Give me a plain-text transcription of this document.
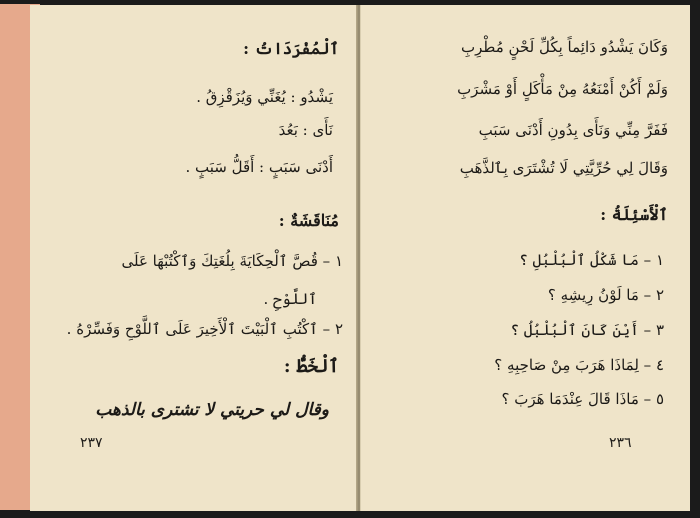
ٱلْمُفْرَدَاتُ :
يَشْدُو : يُغَنِّي وَيُزَقْزِقُ .
نَأَى : بَعُدَ
أَدْنَى سَبَبٍ : أَقَلُّ سَبَبٍ .
مُنَاقَشَةٌ :
١ – قُصَّ ٱلْحِكَايَةَ بِلُغَتِكَ وَٱكْتُبْهَا عَلَى
ٱللَّوْحِ .
٢ – ٱكْتُبِ ٱلْبَيْتَ ٱلْأَخِيرَ عَلَى ٱللَّوْحِ وَفَسِّرْهُ .
ٱلْخَطُّ :
وقال لي حريتي لا تشترى بالذهب
٢٣٧
وَكَانَ يَشْدُو دَائِماً بِكُلِّ لَحْنٍ مُطْرِبِ
وَلَمْ أَكُنْ أَمْنَعُهُ مِنْ مَأْكَلٍ أَوْ مَشْرَبِ
فَفَرَّ مِنِّي وَنَأَى بِدُونِ أَدْنَى سَبَبِ
وَقَالَ لِي حُرِّيَّتِي لَا تُشْتَرَى بِٱلذَّهَبِ
ٱلْأَسْئِلَةُ :
١ – مَا شَكْلُ ٱلْبُلْبُلِ ؟
٢ – مَا لَوْنُ رِيشِهِ ؟
٣ – أَيْنَ كَانَ ٱلْبُلْبُلُ ؟
٤ – لِمَاذَا هَرَبَ مِنْ صَاحِبِهِ ؟
٥ – مَاذَا قَالَ عِنْدَمَا هَرَبَ ؟
٢٣٦
